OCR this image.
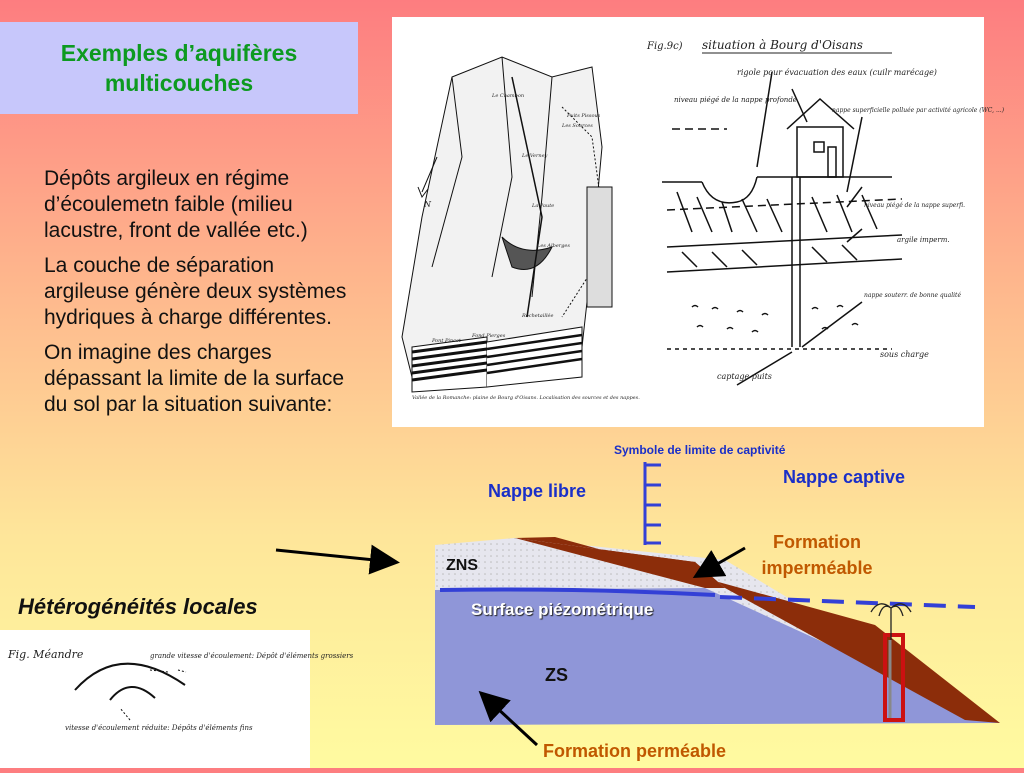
Exemples d’aquifères multicouches

Dépôts argileux en régime d’écoulemetn faible (milieu lacustre, front de vallée etc.)

La couche de séparation argileuse génère deux systèmes hydriques à charge différentes.

On imagine des charges dépassant la limite de la surface du sol par la situation suivante:

Hétérogénéités locales
N
Le Chambon
Le Verney
Les Sources
Puits Pissous
La Paute
Les Alberges
Fond Pierges
Rochetaillée
Pont Pincet
Vallée de la Romanche: plaine de Bourg d'Oisans. Localisation des sources et des nappes.
Fig.9c) situation à Bourg d'Oisans
rigole pour évacuation des eaux (cuilr marécage)
niveau piégé de la nappe profonde
nappe superficielle polluée par activité agricole (WC, ...)
niveau piégé de la nappe superfi.
argile imperm.
nappe souterr. de bonne qualité
sous charge
captage puits
Fig. Méandre	grande vitesse d'écoulement: Dépôt d'éléments grossiers
vitesse d'écoulement réduite: Dépôts d'éléments fins
Symbole de limite de captivité
Nappe libre
Nappe captive
Formation imperméable
ZNS
Surface piézométrique
ZS
Formation perméable
